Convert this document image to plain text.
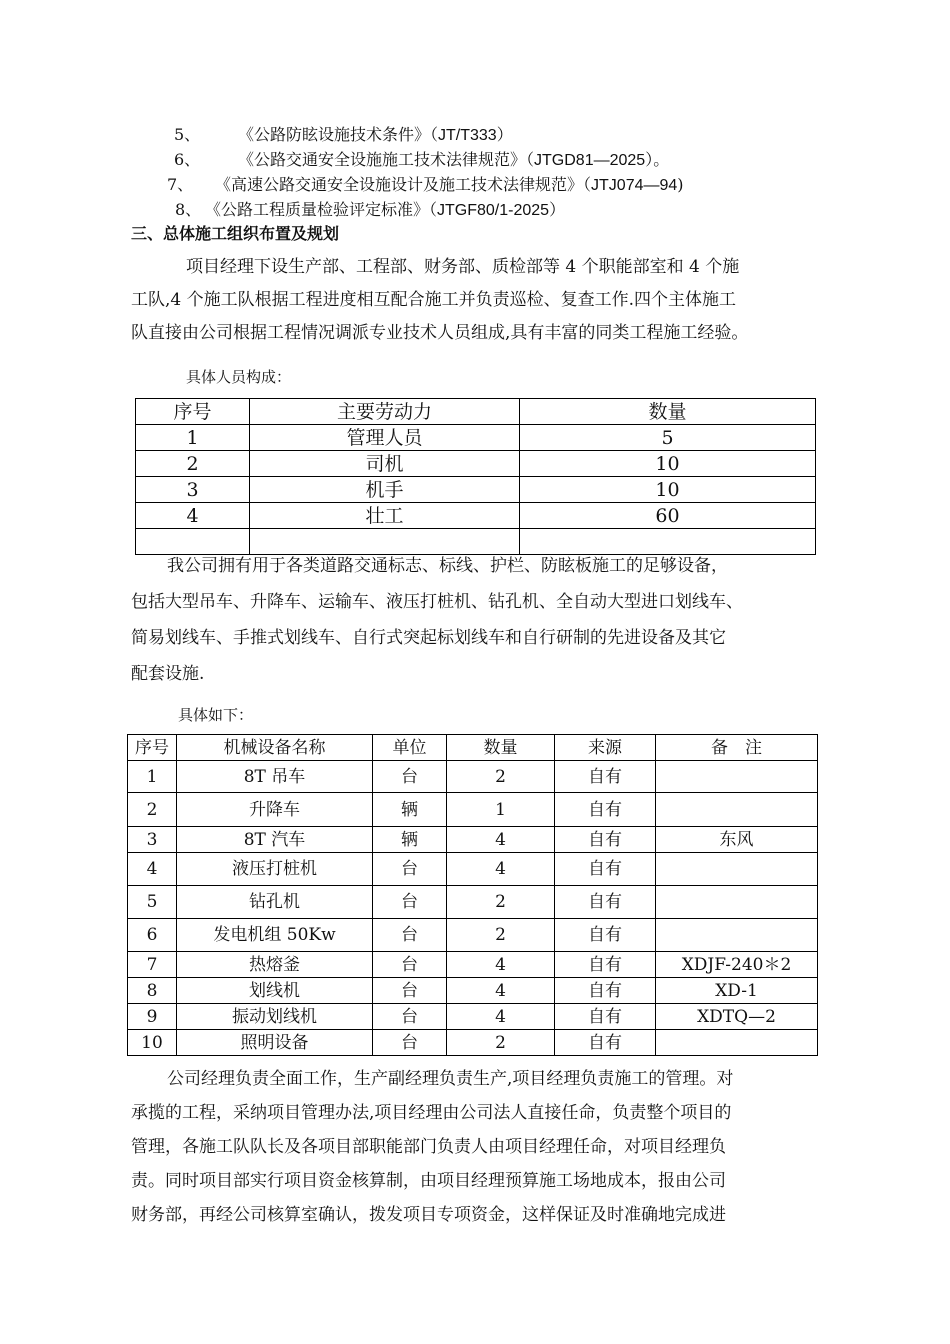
5、 《公路防眩设施技术条件》（JT/T333）
6、 《公路交通安全设施施工技术法律规范》（JTGD81—2025）。
7、 《高速公路交通安全设施设计及施工技术法律规范》（JTJ074—94)
8、 《公路工程质量检验评定标准》（JTGF80/1-2025）
三、总体施工组织布置及规划
项目经理下设生产部、工程部、财务部、质检部等 4 个职能部室和 4 个施
工队,4 个施工队根据工程进度相互配合施工并负责巡检、复查工作.四个主体施工
队直接由公司根据工程情况调派专业技术人员组成,具有丰富的同类工程施工经验。
具体人员构成：
序号	主要劳动力	数量
1	管理人员	5
2	司机	10
3	机手	10
4	壮工	60

我公司拥有用于各类道路交通标志、标线、护栏、防眩板施工的足够设备，
包括大型吊车、升降车、运输车、液压打桩机、钻孔机、全自动大型进口划线车、
简易划线车、手推式划线车、自行式突起标划线车和自行研制的先进设备及其它
配套设施.
具体如下：
序号	机械设备名称	单位	数量	来源	备　注
1	8T 吊车	台	2	自有	
2	升降车	辆	1	自有	
3	8T 汽车	辆	4	自有	东风
4	液压打桩机	台	4	自有	
5	钻孔机	台	2	自有	
6	发电机组 50Kw	台	2	自有	
7	热熔釜	台	4	自有	XDJF-240＊2
8	划线机	台	4	自有	XD-1
9	振动划线机	台	4	自有	XDTQ—2
10	照明设备	台	2	自有	
公司经理负责全面工作，生产副经理负责生产,项目经理负责施工的管理。对
承揽的工程，采纳项目管理办法,项目经理由公司法人直接任命，负责整个项目的
管理，各施工队队长及各项目部职能部门负责人由项目经理任命，对项目经理负
责。同时项目部实行项目资金核算制，由项目经理预算施工场地成本，报由公司
财务部，再经公司核算室确认，拨发项目专项资金，这样保证及时准确地完成进
